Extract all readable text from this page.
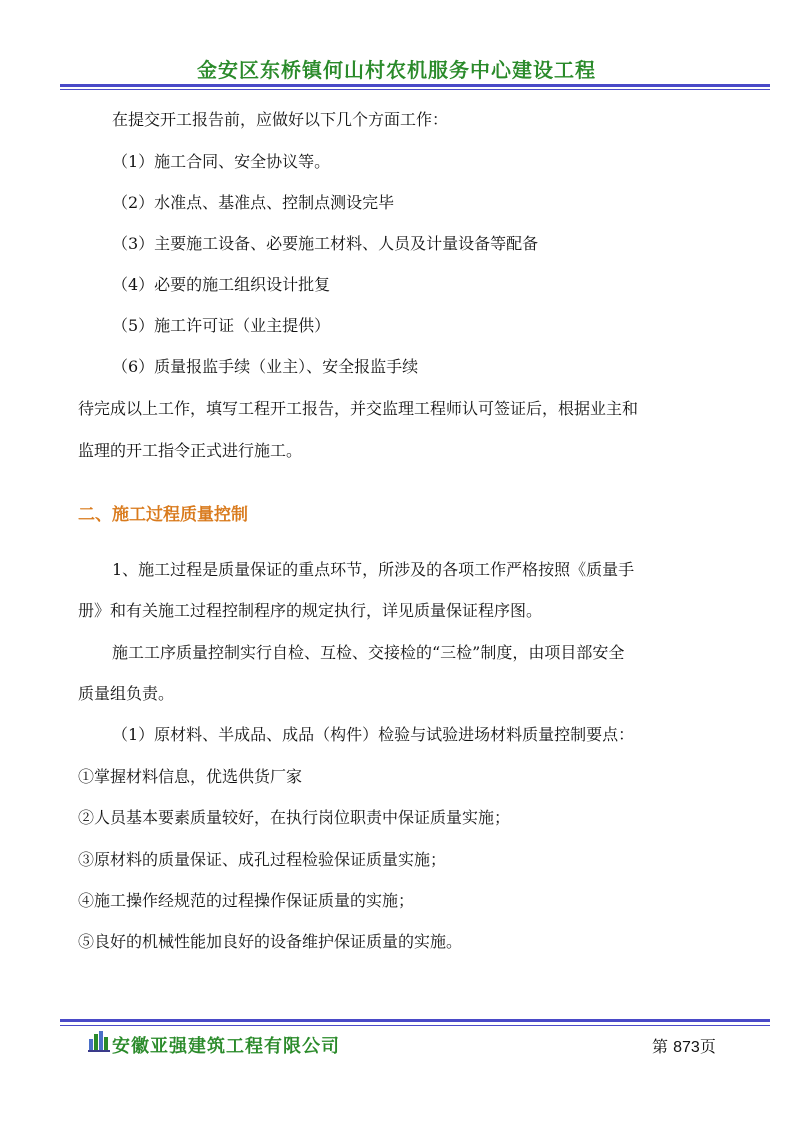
金安区东桥镇何山村农机服务中心建设工程
在提交开工报告前，应做好以下几个方面工作：
（1）施工合同、安全协议等。
（2）水准点、基准点、控制点测设完毕
（3）主要施工设备、必要施工材料、人员及计量设备等配备
（4）必要的施工组织设计批复
（5）施工许可证（业主提供）
（6）质量报监手续（业主）、安全报监手续
待完成以上工作，填写工程开工报告，并交监理工程师认可签证后，根据业主和
监理的开工指令正式进行施工。
二、施工过程质量控制
1、施工过程是质量保证的重点环节，所涉及的各项工作严格按照《质量手
册》和有关施工过程控制程序的规定执行，详见质量保证程序图。
施工工序质量控制实行自检、互检、交接检的“三检”制度，由项目部安全
质量组负责。
（1）原材料、半成品、成品（构件）检验与试验进场材料质量控制要点：
①掌握材料信息，优选供货厂家
②人员基本要素质量较好，在执行岗位职责中保证质量实施；
③原材料的质量保证、成孔过程检验保证质量实施；
④施工操作经规范的过程操作保证质量的实施；
⑤良好的机械性能加良好的设备维护保证质量的实施。
安徽亚强建筑工程有限公司	第 873页
